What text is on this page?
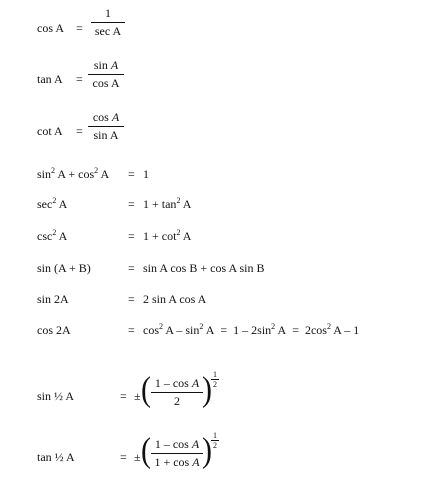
cos A =
1
sec A
tan A =
sin A
cos A
cot A =
cos A
sin A
$\sin^2 A + \cos^2 A = 1$
$\sec^2 A$	= $1 + \tan^2 A$
$\csc^2 A$	= $1 + \cot^2 A$
sin (A + B)	= sin A cos B + cos A sin B
sin 2A	= 2 sin A cos A
cos 2A	= $\cos^2 A - \sin^2 A = 1 - 2\sin^2$ $A = 2\cos^2$ A – 1
sin ½ A	= ± ( 1 – cos A
2 ) 1
2
tan ½ A	= ± ( 1 – cos A
1 + cos A ) 1
2
